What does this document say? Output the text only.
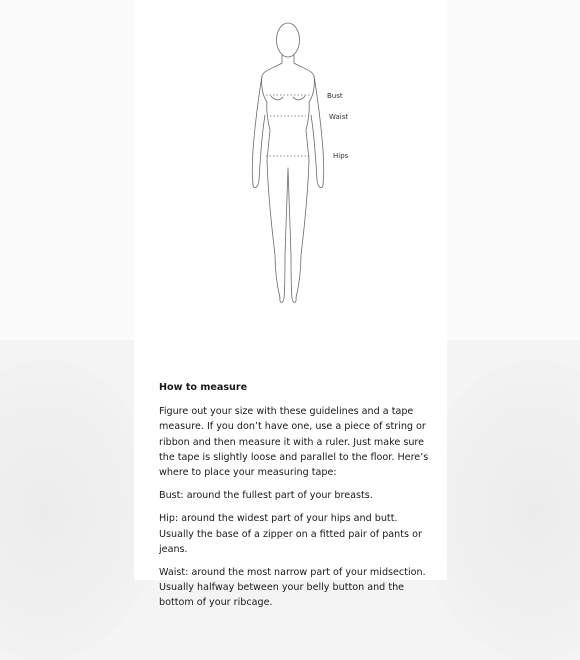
Bust
Waist
Hips
How to measure

Figure out your size with these guidelines and a tape measure. If you don’t have one, use a piece of string or ribbon and then measure it with a ruler. Just make sure the tape is slightly loose and parallel to the floor. Here’s where to place your measuring tape:

Bust: around the fullest part of your breasts.

Hip: around the widest part of your hips and butt. Usually the base of a zipper on a fitted pair of pants or jeans.

Waist: around the most narrow part of your midsection. Usually halfway between your belly button and the bottom of your ribcage.
